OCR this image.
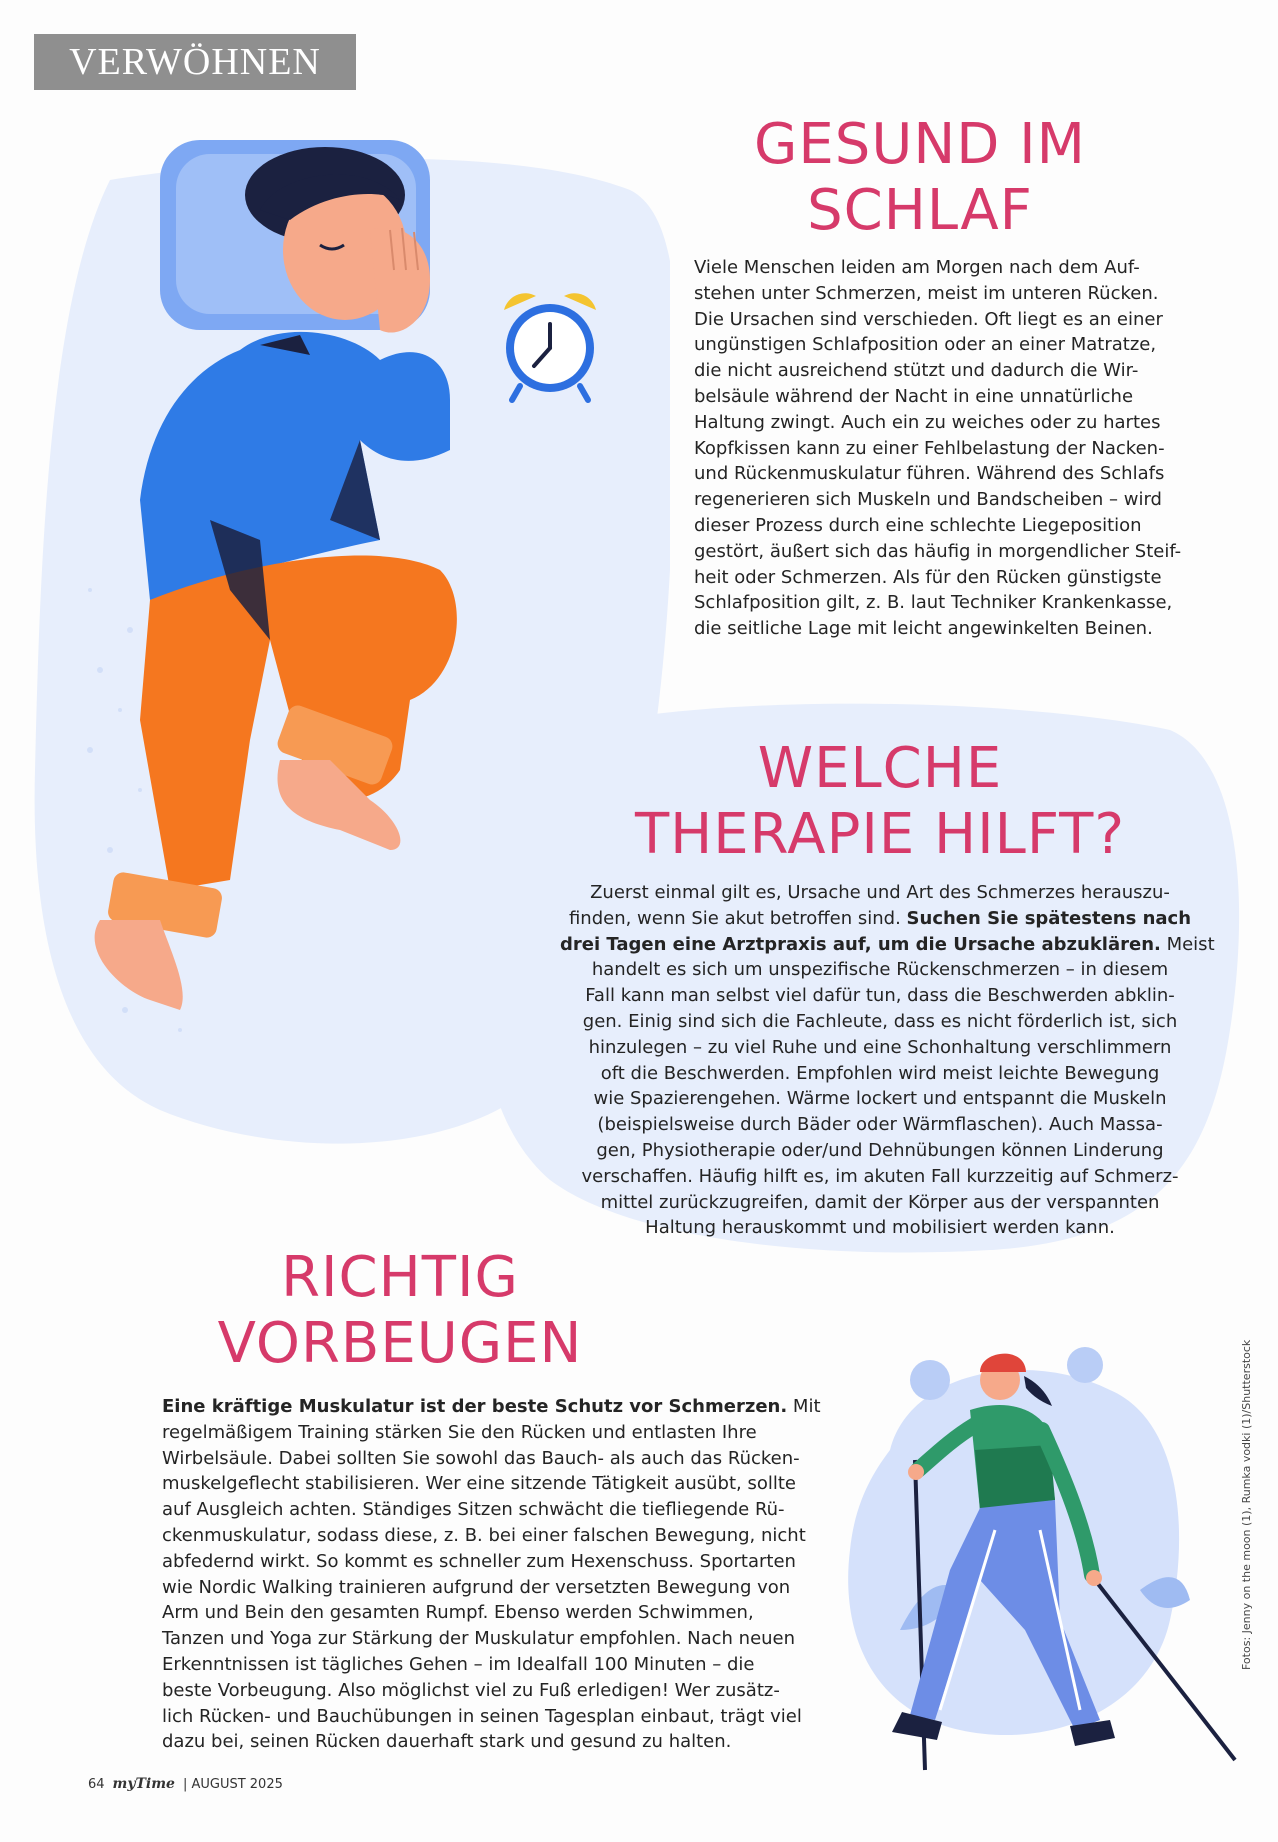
VERWÖHNEN
GESUND IM
SCHLAF

Viele Menschen leiden am Morgen nach dem Auf-
stehen unter Schmerzen, meist im unteren Rücken.
Die Ursachen sind verschieden. Oft liegt es an einer
ungünstigen Schlafposition oder an einer Matratze,
die nicht ausreichend stützt und dadurch die Wir-
belsäule während der Nacht in eine unnatürliche
Haltung zwingt. Auch ein zu weiches oder zu hartes
Kopfkissen kann zu einer Fehlbelastung der Nacken-
und Rückenmuskulatur führen. Während des Schlafs
regenerieren sich Muskeln und Bandscheiben – wird
dieser Prozess durch eine schlechte Liegeposition
gestört, äußert sich das häufig in morgendlicher Steif-
heit oder Schmerzen. Als für den Rücken günstigste
Schlafposition gilt, z. B. laut Techniker Krankenkasse,
die seitliche Lage mit leicht angewinkelten Beinen.

WELCHE
THERAPIE HILFT?

Zuerst einmal gilt es, Ursache und Art des Schmerzes herauszu-
finden, wenn Sie akut betroffen sind. Suchen Sie spätestens nach
drei Tagen eine Arztpraxis auf, um die Ursache abzuklären. Meist
handelt es sich um unspezifische Rückenschmerzen – in diesem
Fall kann man selbst viel dafür tun, dass die Beschwerden abklin-
gen. Einig sind sich die Fachleute, dass es nicht förderlich ist, sich
hinzulegen – zu viel Ruhe und eine Schonhaltung verschlimmern
oft die Beschwerden. Empfohlen wird meist leichte Bewegung
wie Spazierengehen. Wärme lockert und entspannt die Muskeln
(beispielsweise durch Bäder oder Wärmflaschen). Auch Massa-
gen, Physiotherapie oder/und Dehnübungen können Linderung
verschaffen. Häufig hilft es, im akuten Fall kurzzeitig auf Schmerz-
mittel zurückzugreifen, damit der Körper aus der verspannten
Haltung herauskommt und mobilisiert werden kann.

RICHTIG
VORBEUGEN

Eine kräftige Muskulatur ist der beste Schutz vor Schmerzen. Mit
regelmäßigem Training stärken Sie den Rücken und entlasten Ihre
Wirbelsäule. Dabei sollten Sie sowohl das Bauch- als auch das Rücken-
muskelgeflecht stabilisieren. Wer eine sitzende Tätigkeit ausübt, sollte
auf Ausgleich achten. Ständiges Sitzen schwächt die tiefliegende Rü-
ckenmuskulatur, sodass diese, z. B. bei einer falschen Bewegung, nicht
abfedernd wirkt. So kommt es schneller zum Hexenschuss. Sportarten
wie Nordic Walking trainieren aufgrund der versetzten Bewegung von
Arm und Bein den gesamten Rumpf. Ebenso werden Schwimmen,
Tanzen und Yoga zur Stärkung der Muskulatur empfohlen. Nach neuen
Erkenntnissen ist tägliches Gehen – im Idealfall 100 Minuten – die
beste Vorbeugung. Also möglichst viel zu Fuß erledigen! Wer zusätz-
lich Rücken- und Bauchübungen in seinen Tagesplan einbaut, trägt viel
dazu bei, seinen Rücken dauerhaft stark und gesund zu halten.

Fotos: Jenny on the moon (1), Rumka vodki (1)/Shutterstock
64 myTime | AUGUST 2025
